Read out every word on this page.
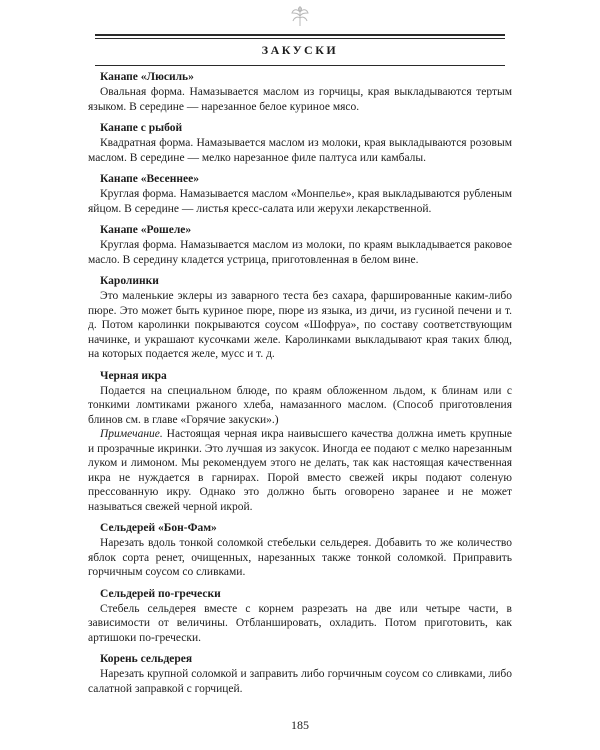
ЗАКУСКИ
Канапе «Люсиль»

Овальная форма. Намазывается маслом из горчицы, края выкладываются тертым языком. В середине — нарезанное белое куриное мясо.

Канапе с рыбой

Квадратная форма. Намазывается маслом из молоки, края выкладываются розовым маслом. В середине — мелко нарезанное филе палтуса или камбалы.

Канапе «Весеннее»

Круглая форма. Намазывается маслом «Монпелье», края выкладываются рубленым яйцом. В середине — листья кресс-салата или жерухи лекарственной.

Канапе «Рошеле»

Круглая форма. Намазывается маслом из молоки, по краям выкладывается раковое масло. В середину кладется устрица, приготовленная в белом вине.

Каролинки

Это маленькие эклеры из заварного теста без сахара, фаршированные каким-либо пюре. Это может быть куриное пюре, пюре из языка, из дичи, из гусиной печени и т. д. Потом каролинки покрываются соусом «Шофруа», по составу соответствующим начинке, и украшают кусочками желе. Каролинками выкладывают края таких блюд, на которых подается желе, мусс и т. д.

Черная икра

Подается на специальном блюде, по краям обложенном льдом, к блинам или с тонкими ломтиками ржаного хлеба, намазанного маслом. (Способ приготовления блинов см. в главе «Горячие закуски».)

Примечание. Настоящая черная икра наивысшего качества должна иметь крупные и прозрачные икринки. Это лучшая из закусок. Иногда ее подают с мелко нарезанным луком и лимоном. Мы рекомендуем этого не делать, так как настоящая качественная икра не нуждается в гарнирах. Порой вместо свежей икры подают соленую прессованную икру. Однако это должно быть оговорено заранее и не может называться свежей черной икрой.

Сельдерей «Бон-Фам»

Нарезать вдоль тонкой соломкой стебельки сельдерея. Добавить то же количество яблок сорта ренет, очищенных, нарезанных также тонкой соломкой. Приправить горчичным соусом со сливками.

Сельдерей по-гречески

Стебель сельдерея вместе с корнем разрезать на две или четыре части, в зависимости от величины. Отбланшировать, охладить. Потом приготовить, как артишоки по-гречески.

Корень сельдерея

Нарезать крупной соломкой и заправить либо горчичным соусом со сливками, либо салатной заправкой с горчицей.

185
